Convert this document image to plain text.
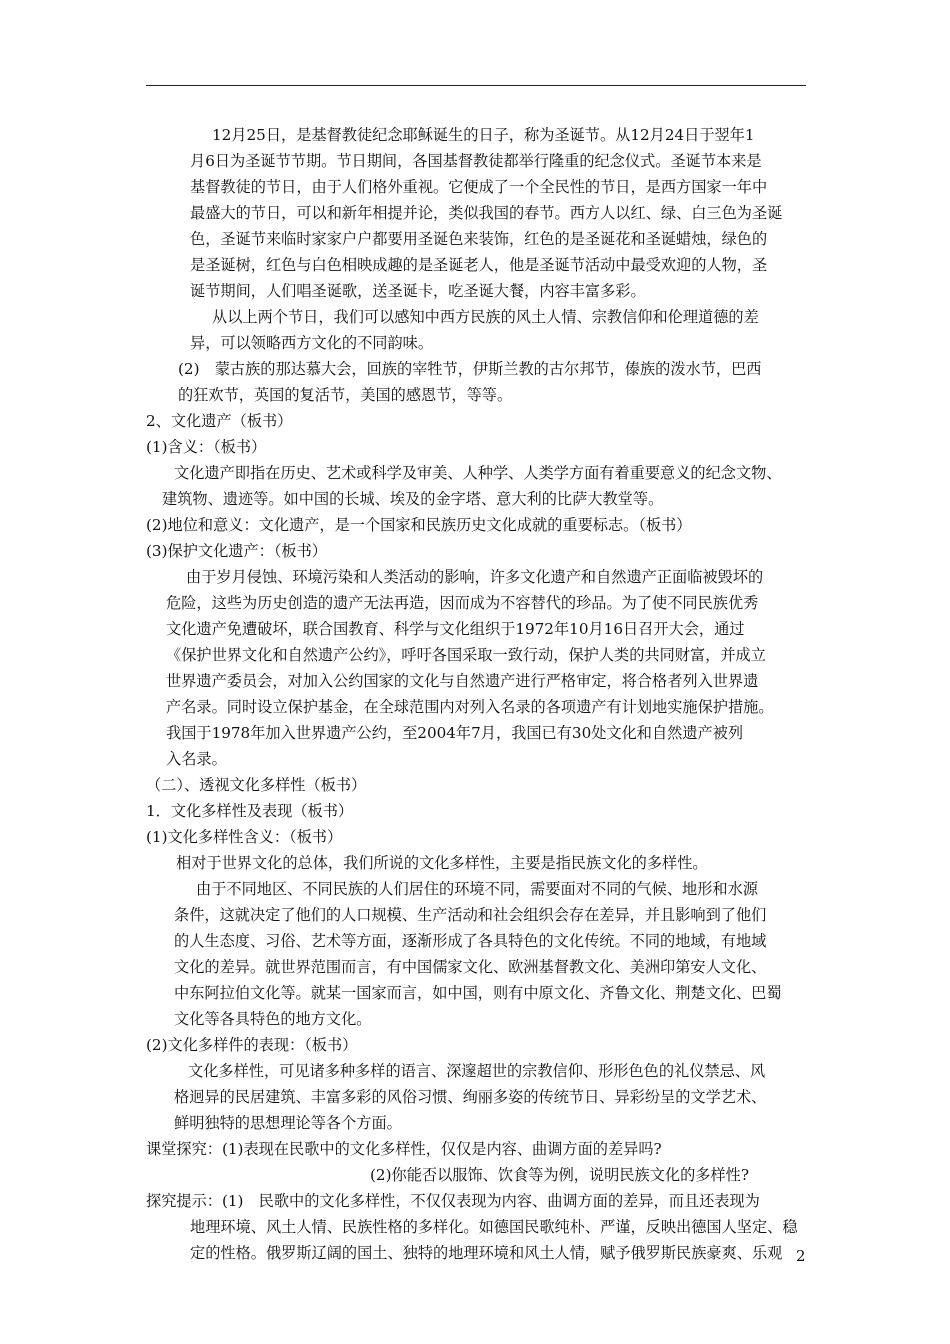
12月25日，是基督教徒纪念耶稣诞生的日子，称为圣诞节。从12月24日于翌年1
月6日为圣诞节节期。节日期间，各国基督教徒都举行隆重的纪念仪式。圣诞节本来是
基督教徒的节日，由于人们格外重视。它便成了一个全民性的节日，是西方国家一年中
最盛大的节日，可以和新年相提并论，类似我国的春节。西方人以红、绿、白三色为圣诞
色，圣诞节来临时家家户户都要用圣诞色来装饰，红色的是圣诞花和圣诞蜡烛，绿色的
是圣诞树，红色与白色相映成趣的是圣诞老人，他是圣诞节活动中最受欢迎的人物，圣
诞节期间，人们唱圣诞歌，送圣诞卡，吃圣诞大餐，内容丰富多彩。
从以上两个节日，我们可以感知中西方民族的风土人情、宗教信仰和伦理道德的差
异，可以领略西方文化的不同韵味。
(2)　蒙古族的那达慕大会，回族的宰牲节，伊斯兰教的古尔邦节，傣族的泼水节，巴西
的狂欢节，英国的复活节，美国的感恩节，等等。
2、文化遗产（板书）
(1)含义：（板书）
文化遗产即指在历史、艺术或科学及审美、人种学、人类学方面有着重要意义的纪念文物、
建筑物、遗迹等。如中国的长城、埃及的金字塔、意大利的比萨大教堂等。
(2)地位和意义：文化遗产，是一个国家和民族历史文化成就的重要标志。（板书）
(3)保护文化遗产：（板书）
由于岁月侵蚀、环境污染和人类活动的影响，许多文化遗产和自然遗产正面临被毁坏的
危险，这些为历史创造的遗产无法再造，因而成为不容替代的珍品。为了使不同民族优秀
文化遗产免遭破坏，联合国教育、科学与文化组织于1972年10月16日召开大会，通过
《保护世界文化和自然遗产公约》，呼吁各国采取一致行动，保护人类的共同财富，并成立
世界遗产委员会，对加入公约国家的文化与自然遗产进行严格审定，将合格者列入世界遗
产名录。同时设立保护基金，在全球范围内对列入名录的各项遗产有计划地实施保护措施。
我国于1978年加入世界遗产公约，至2004年7月，我国已有30处文化和自然遗产被列
入名录。
（二）、透视文化多样性（板书）
1．文化多样性及表现（板书）
(1)文化多样性含义：（板书）
相对于世界文化的总体，我们所说的文化多样性，主要是指民族文化的多样性。
由于不同地区、不同民族的人们居住的环境不同，需要面对不同的气候、地形和水源
条件，这就决定了他们的人口规模、生产活动和社会组织会存在差异，并且影响到了他们
的人生态度、习俗、艺术等方面，逐渐形成了各具特色的文化传统。不同的地域，有地域
文化的差异。就世界范围而言，有中国儒家文化、欧洲基督教文化、美洲印第安人文化、
中东阿拉伯文化等。就某一国家而言，如中国，则有中原文化、齐鲁文化、荆楚文化、巴蜀
文化等各具特色的地方文化。
(2)文化多样件的表现：（板书）
文化多样性，可见诸多种多样的语言、深邃超世的宗教信仰、形形色色的礼仪禁忌、风
格迥异的民居建筑、丰富多彩的风俗习惯、绚丽多姿的传统节日、异彩纷呈的文学艺术、
鲜明独特的思想理论等各个方面。
课堂探究：(1)表现在民歌中的文化多样性，仅仅是内容、曲调方面的差异吗?
(2)你能否以服饰、饮食等为例，说明民族文化的多样性?
探究提示：(1)　民歌中的文化多样性，不仅仅表现为内容、曲调方面的差异，而且还表现为
地理环境、风土人情、民族性格的多样化。如德国民歌纯朴、严谨，反映出德国人坚定、稳
定的性格。俄罗斯辽阔的国土、独特的地理环境和风土人情，赋予俄罗斯民族豪爽、乐观 2
